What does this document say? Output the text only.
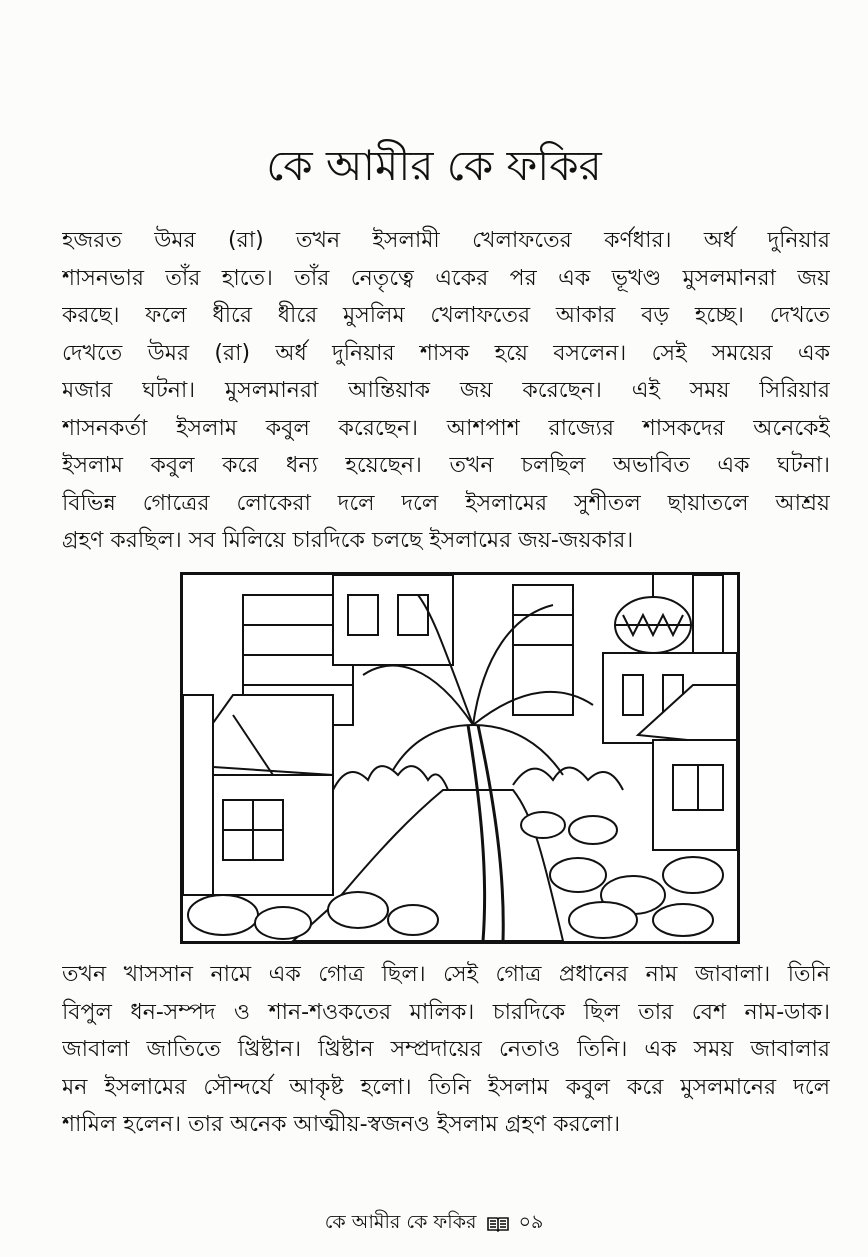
কে আমীর কে ফকির
হজরত উমর (রা) তখন ইসলামী খেলাফতের কর্ণধার। অর্ধ দুনিয়ার
শাসনভার তাঁর হাতে। তাঁর নেতৃত্বে একের পর এক ভূখণ্ড মুসলমানরা জয়
করছে। ফলে ধীরে ধীরে মুসলিম খেলাফতের আকার বড় হচ্ছে। দেখতে
দেখতে উমর (রা) অর্ধ দুনিয়ার শাসক হয়ে বসলেন। সেই সময়ের এক
মজার ঘটনা। মুসলমানরা আন্তিয়াক জয় করেছেন। এই সময় সিরিয়ার
শাসনকর্তা ইসলাম কবুল করেছেন। আশপাশ রাজ্যের শাসকদের অনেকেই
ইসলাম কবুল করে ধন্য হয়েছেন। তখন চলছিল অভাবিত এক ঘটনা।
বিভিন্ন গোত্রের লোকেরা দলে দলে ইসলামের সুশীতল ছায়াতলে আশ্রয়
গ্রহণ করছিল। সব মিলিয়ে চারদিকে চলছে ইসলামের জয়-জয়কার।
তখন খাসসান নামে এক গোত্র ছিল। সেই গোত্র প্রধানের নাম জাবালা। তিনি
বিপুল ধন-সম্পদ ও শান-শওকতের মালিক। চারদিকে ছিল তার বেশ নাম-ডাক।
জাবালা জাতিতে খ্রিষ্টান। খ্রিষ্টান সম্প্রদায়ের নেতাও তিনি। এক সময় জাবালার
মন ইসলামের সৌন্দর্যে আকৃষ্ট হলো। তিনি ইসলাম কবুল করে মুসলমানের দলে
শামিল হলেন। তার অনেক আত্মীয়-স্বজনও ইসলাম গ্রহণ করলো।
কে আমীর কে ফকির ০৯
